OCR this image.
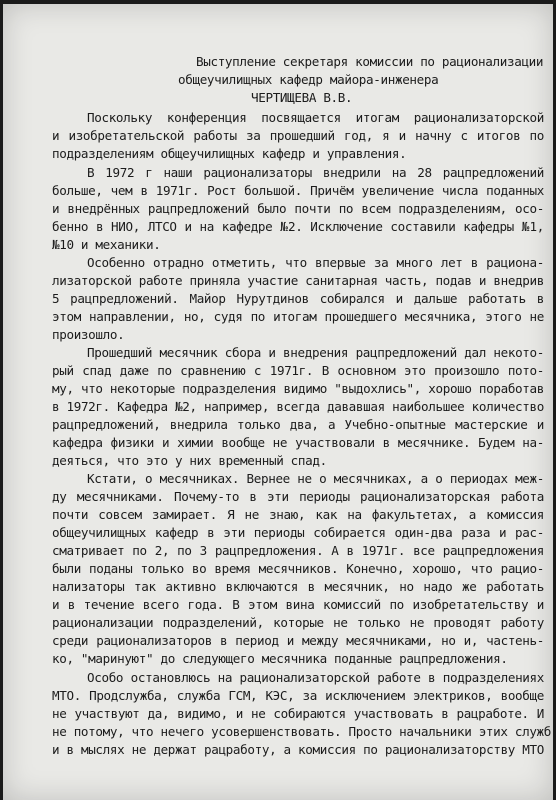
Выступление секретаря комиссии по рационализации
общеучилищных кафедр майора-инженера
ЧЕРТИЩЕВА В.В.
Поскольку конференция посвящается итогам рационализаторской
и изобретательской работы за прошедший год, я и начну с итогов по
подразделениям общеучилищных кафедр и управления.
В 1972 г наши рационализаторы внедрили на 28 рацпредложений
больше, чем в 1971г. Рост большой. Причём увеличение числа поданных
и внедрённых рацпредложений было почти по всем подразделениям, осо-
бенно в НИО, ЛТСО и на кафедре №2. Исключение составили кафедры №1,
№10 и механики.
Особенно отрадно отметить, что впервые за много лет в рациона-
лизаторской работе приняла участие санитарная часть, подав и внедрив
5 рацпредложений. Майор Нурутдинов собирался и дальше работать в
этом направлении, но, судя по итогам прошедшего месячника, этого не
произошло.
Прошедший месячник сбора и внедрения рацпредложений дал некото-
рый спад даже по сравнению с 1971г. В основном это произошло пото-
му, что некоторые подразделения видимо "выдохлись", хорошо поработав
в 1972г. Кафедра №2, например, всегда дававшая наибольшее количество
рацпредложений, внедрила только два, а Учебно-опытные мастерские и
кафедра физики и химии вообще не участвовали в месячнике. Будем на-
деяться, что это у них временный спад.
Кстати, о месячниках. Вернее не о месячниках, а о периодах меж-
ду месячниками. Почему-то в эти периоды рационализаторская работа
почти совсем замирает. Я не знаю, как на факультетах, а комиссия
общеучилищных кафедр в эти периоды собирается один-два раза и рас-
сматривает по 2, по 3 рацпредложения. А в 1971г. все рацпредложения
были поданы только во время месячников. Конечно, хорошо, что рацио-
нализаторы так активно включаются в месячник, но надо же работать
и в течение всего года. В этом вина комиссий по изобретательству и
рационализации подразделений, которые не только не проводят работу
среди рационализаторов в период и между месячниками, но и, частень-
ко, "маринуют" до следующего месячника поданные рацпредложения.
Особо остановлюсь на рационализаторской работе в подразделениях
МТО. Продслужба, служба ГСМ, КЭС, за исключением электриков, вообще
не участвуют да, видимо, и не собираются участвовать в рацработе. И
не потому, что нечего усовершенствовать. Просто начальники этих служб
и в мыслях не держат рацработу, а комиссия по рационализаторству МТО
